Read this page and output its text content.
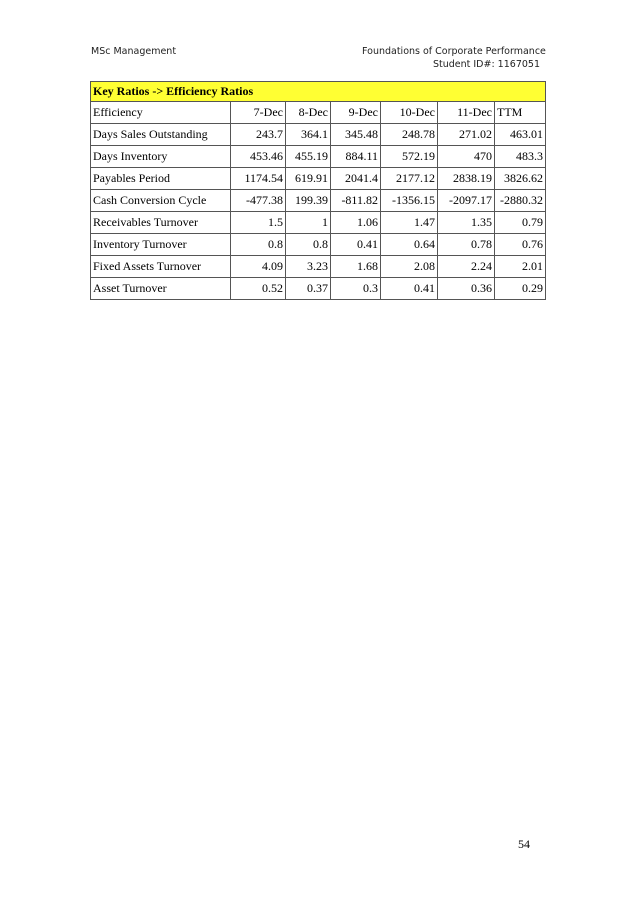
MSc Management	Foundations of Corporate Performance
Student ID#: 1167051
Key Ratios -> Efficiency Ratios						
Efficiency	7-Dec	8-Dec	9-Dec	10-Dec	11-Dec	TTM
Days Sales Outstanding	243.7	364.1	345.48	248.78	271.02	463.01
Days Inventory	453.46	455.19	884.11	572.19	470	483.3
Payables Period	1174.54	619.91	2041.4	2177.12	2838.19	3826.62
Cash Conversion Cycle	-477.38	199.39	-811.82	-1356.15	-2097.17	-2880.32
Receivables Turnover	1.5	1	1.06	1.47	1.35	0.79
Inventory Turnover	0.8	0.8	0.41	0.64	0.78	0.76
Fixed Assets Turnover	4.09	3.23	1.68	2.08	2.24	2.01
Asset Turnover	0.52	0.37	0.3	0.41	0.36	0.29
54
